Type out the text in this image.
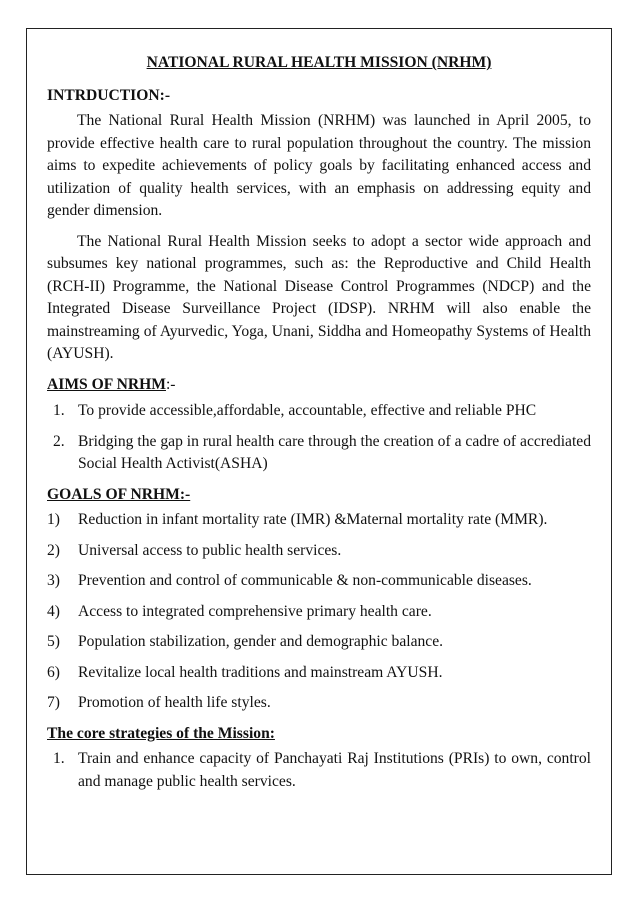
NATIONAL RURAL HEALTH MISSION (NRHM)

INTRDUCTION:-

The National Rural Health Mission (NRHM) was launched in April 2005, to provide effective health care to rural population throughout the country. The mission aims to expedite achievements of policy goals by facilitating enhanced access and utilization of quality health services, with an emphasis on addressing equity and gender dimension.

The National Rural Health Mission seeks to adopt a sector wide approach and subsumes key national programmes, such as: the Reproductive and Child Health (RCH-II) Programme, the National Disease Control Programmes (NDCP) and the Integrated Disease Surveillance Project (IDSP). NRHM will also enable the mainstreaming of Ayurvedic, Yoga, Unani, Siddha and Homeopathy Systems of Health (AYUSH).

AIMS OF NRHM:-

1. To provide accessible,affordable, accountable, effective and reliable PHC
2. Bridging the gap in rural health care through the creation of a cadre of accrediated Social Health Activist(ASHA)

GOALS OF NRHM:-

1)	Reduction in infant mortality rate (IMR) &Maternal mortality rate (MMR).
2)	Universal access to public health services.
3)	Prevention and control of communicable & non-communicable diseases.
4)	Access to integrated comprehensive primary health care.
5)	Population stabilization, gender and demographic balance.
6)	Revitalize local health traditions and mainstream AYUSH.
7)	Promotion of health life styles.

The core strategies of the Mission:

1. Train and enhance capacity of Panchayati Raj Institutions (PRIs) to own, control and manage public health services.
